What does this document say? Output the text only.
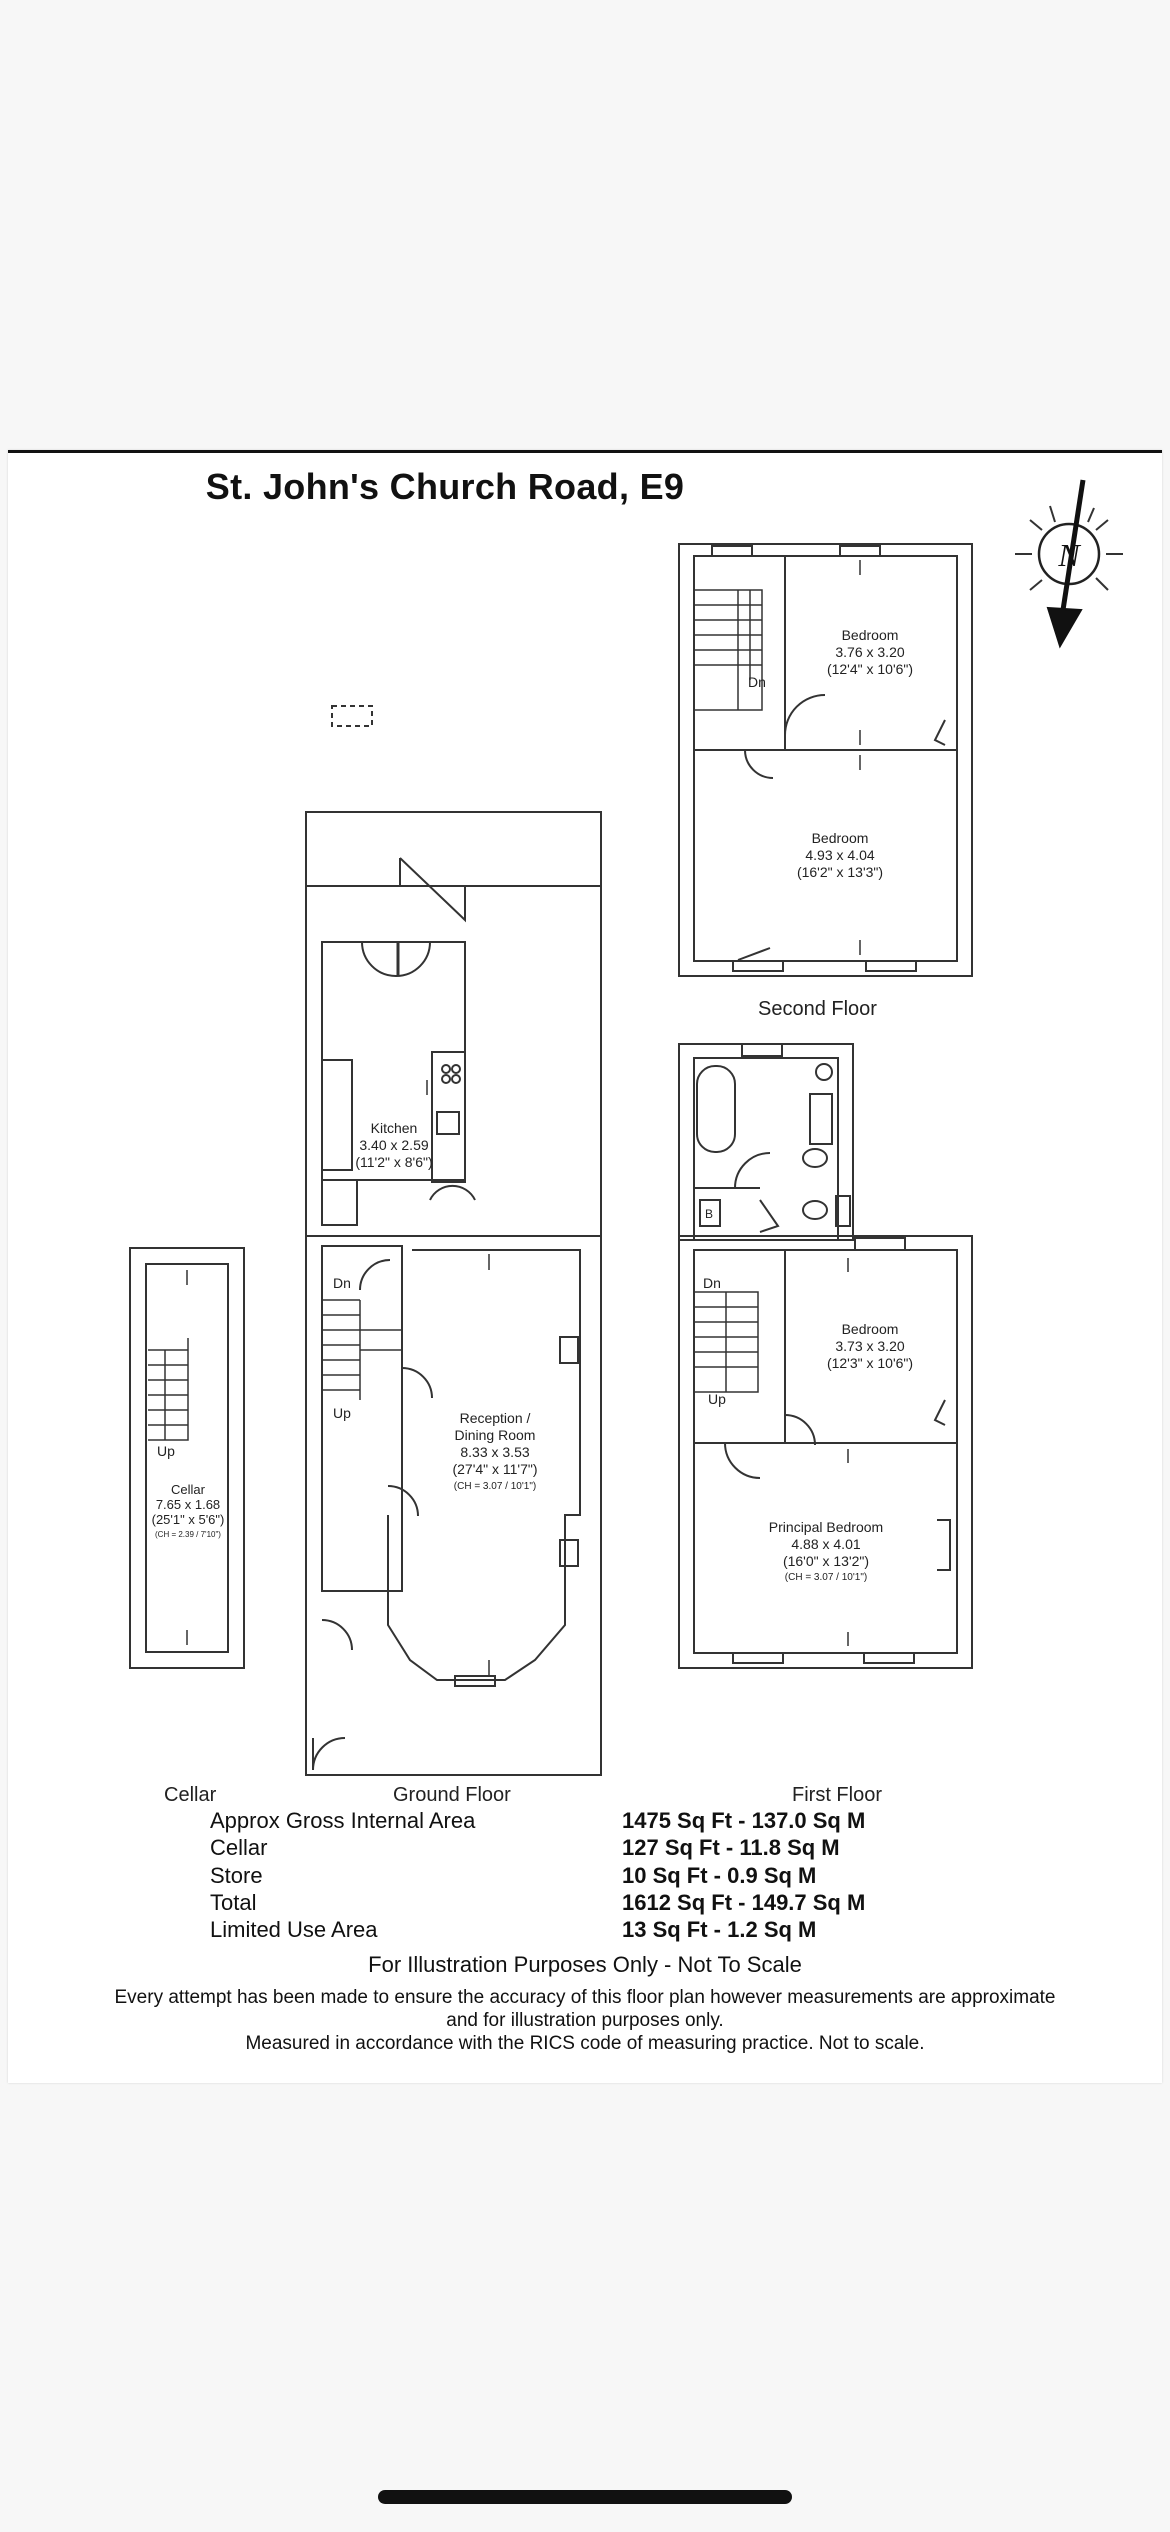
St. John's Church Road, E9
N
Bedroom
3.76 x 3.20
(12'4" x 10'6")
Bedroom
4.93 x 4.04
(16'2" x 13'3")
Kitchen
3.40 x 2.59
(11'2" x 8'6")
Reception /
Dining Room
8.33 x 3.53
(27'4" x 11'7")
(CH = 3.07 / 10'1")
Cellar
7.65 x 1.68
(25'1" x 5'6")
(CH = 2.39 / 7'10")
Bedroom
3.73 x 3.20
(12'3" x 10'6")
Principal Bedroom
4.88 x 4.01
(16'0" x 13'2")
(CH = 3.07 / 10'1")
Dn
Dn
Up
Up
Dn
Up
B
Second Floor
Cellar	Ground Floor	First Floor
Approx Gross Internal Area	1475 Sq Ft - 137.0 Sq M
Cellar	127 Sq Ft - 11.8 Sq M
Store	10 Sq Ft - 0.9 Sq M
Total	1612 Sq Ft - 149.7 Sq M
Limited Use Area	13 Sq Ft - 1.2 Sq M
For Illustration Purposes Only - Not To Scale
Every attempt has been made to ensure the accuracy of this floor plan however measurements are approximate and for illustration purposes only.
Measured in accordance with the RICS code of measuring practice. Not to scale.
